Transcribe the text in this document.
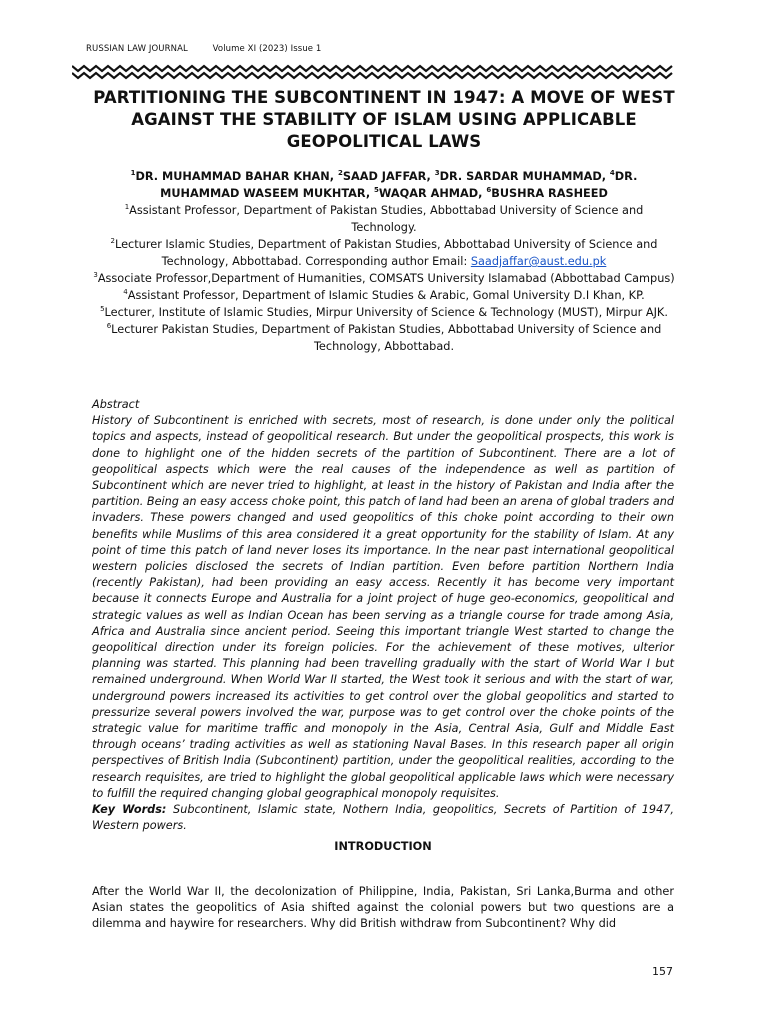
RUSSIAN LAW JOURNAL	Volume XI (2023) Issue 1
PARTITIONING THE SUBCONTINENT IN 1947: A MOVE OF WEST AGAINST THE STABILITY OF ISLAM USING APPLICABLE GEOPOLITICAL LAWS
$^1$DR. MUHAMMAD BAHAR KHAN, $^2$SAAD JAFFAR, $^3$DR. SARDAR MUHAMMAD, $^4$DR. MUHAMMAD WASEEM MUKHTAR, $^5$WAQAR AHMAD, $^6$BUSHRA RASHEED

$^1$Assistant Professor, Department of Pakistan Studies, Abbottabad University of Science and Technology.

$^2$Lecturer Islamic Studies, Department of Pakistan Studies, Abbottabad University of Science and Technology, Abbottabad. Corresponding author Email: Saadjaffar@aust.edu.pk

$^3$Associate Professor,Department of Humanities, COMSATS University Islamabad (Abbottabad Campus)

$^4$Assistant Professor, Department of Islamic Studies & Arabic, Gomal University D.I Khan, KP.

$^5$Lecturer, Institute of Islamic Studies, Mirpur University of Science & Technology (MUST), Mirpur AJK.

$^6$Lecturer Pakistan Studies, Department of Pakistan Studies, Abbottabad University of Science and Technology, Abbottabad.

Abstract

History of Subcontinent is enriched with secrets, most of research, is done under only the political topics and aspects, instead of geopolitical research. But under the geopolitical prospects, this work is done to highlight one of the hidden secrets of the partition of Subcontinent. There are a lot of geopolitical aspects which were the real causes of the independence as well as partition of Subcontinent which are never tried to highlight, at least in the history of Pakistan and India after the partition. Being an easy access choke point, this patch of land had been an arena of global traders and invaders. These powers changed and used geopolitics of this choke point according to their own benefits while Muslims of this area considered it a great opportunity for the stability of Islam. At any point of time this patch of land never loses its importance. In the near past international geopolitical western policies disclosed the secrets of Indian partition. Even before partition Northern India (recently Pakistan), had been providing an easy access. Recently it has become very important because it connects Europe and Australia for a joint project of huge geo-economics, geopolitical and strategic values as well as Indian Ocean has been serving as a triangle course for trade among Asia, Africa and Australia since ancient period. Seeing this important triangle West started to change the geopolitical direction under its foreign policies. For the achievement of these motives, ulterior planning was started. This planning had been travelling gradually with the start of World War I but remained underground. When World War II started, the West took it serious and with the start of war, underground powers increased its activities to get control over the global geopolitics and started to pressurize several powers involved the war, purpose was to get control over the choke points of the strategic value for maritime traffic and monopoly in the Asia, Central Asia, Gulf and Middle East through oceans’ trading activities as well as stationing Naval Bases. In this research paper all origin perspectives of British India (Subcontinent) partition, under the geopolitical realities, according to the research requisites, are tried to highlight the global geopolitical applicable laws which were necessary to fulfill the required changing global geographical monopoly requisites.

Key Words: Subcontinent, Islamic state, Nothern India, geopolitics, Secrets of Partition of 1947, Western powers.

INTRODUCTION
After the World War II, the decolonization of Philippine, India, Pakistan, Sri Lanka,Burma and other Asian states the geopolitics of Asia shifted against the colonial powers but two questions are a dilemma and haywire for researchers. Why did British withdraw from Subcontinent? Why did
157
